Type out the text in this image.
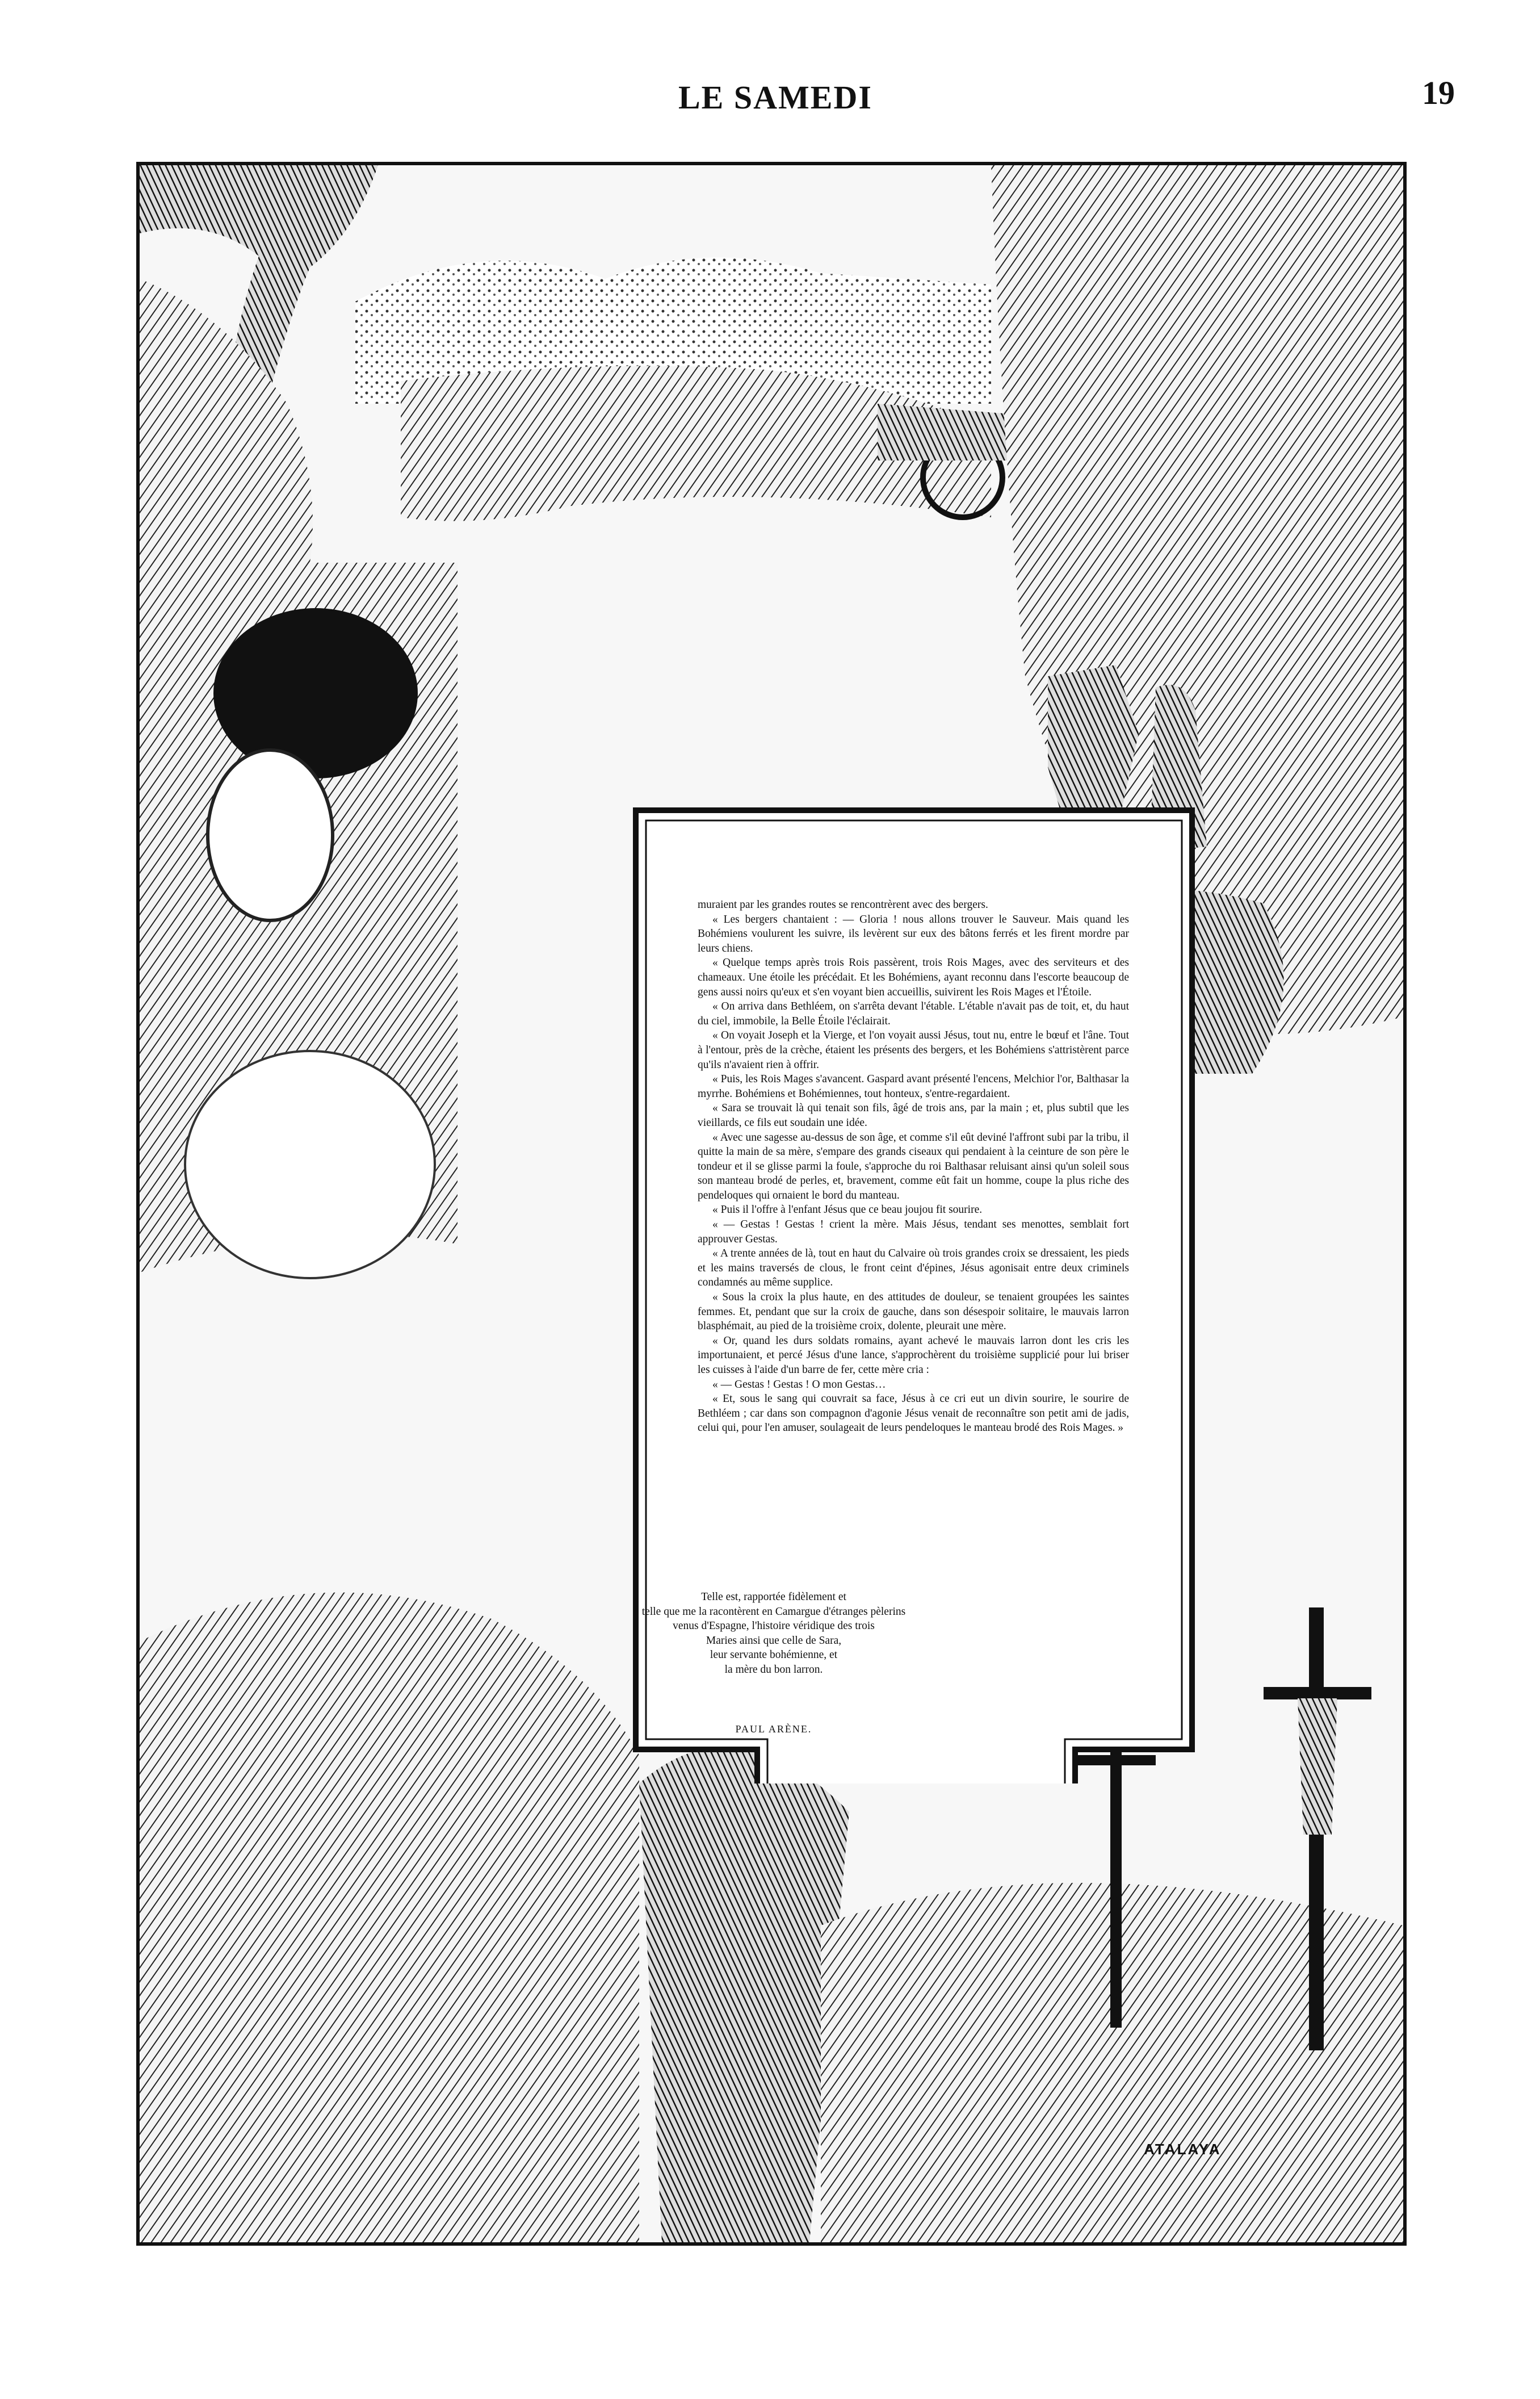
LE SAMEDI	19

muraient par les grandes routes se rencontrèrent avec des bergers.

« Les bergers chantaient : — Gloria ! nous allons trouver le Sauveur. Mais quand les Bohémiens voulurent les suivre, ils levèrent sur eux des bâtons ferrés et les firent mordre par leurs chiens.

« Quelque temps après trois Rois passèrent, trois Rois Mages, avec des serviteurs et des chameaux. Une étoile les précédait. Et les Bohémiens, ayant reconnu dans l'escorte beaucoup de gens aussi noirs qu'eux et s'en voyant bien accueillis, suivirent les Rois Mages et l'Étoile.

« On arriva dans Bethléem, on s'arrêta devant l'étable. L'étable n'avait pas de toit, et, du haut du ciel, immobile, la Belle Étoile l'éclairait.

« On voyait Joseph et la Vierge, et l'on voyait aussi Jésus, tout nu, entre le bœuf et l'âne. Tout à l'entour, près de la crèche, étaient les présents des bergers, et les Bohémiens s'attristèrent parce qu'ils n'avaient rien à offrir.

« Puis, les Rois Mages s'avancent. Gaspard avant présenté l'encens, Melchior l'or, Balthasar la myrrhe. Bohémiens et Bohémiennes, tout honteux, s'entre-regardaient.

« Sara se trouvait là qui tenait son fils, âgé de trois ans, par la main ; et, plus subtil que les vieillards, ce fils eut soudain une idée.

« Avec une sagesse au-dessus de son âge, et comme s'il eût deviné l'affront subi par la tribu, il quitte la main de sa mère, s'empare des grands ciseaux qui pendaient à la ceinture de son père le tondeur et il se glisse parmi la foule, s'approche du roi Balthasar reluisant ainsi qu'un soleil sous son manteau brodé de perles, et, bravement, comme eût fait un homme, coupe la plus riche des pendeloques qui ornaient le bord du manteau.

« Puis il l'offre à l'enfant Jésus que ce beau joujou fit sourire.

« — Gestas ! Gestas ! crient la mère. Mais Jésus, tendant ses menottes, semblait fort approuver Gestas.

« A trente années de là, tout en haut du Calvaire où trois grandes croix se dressaient, les pieds et les mains traversés de clous, le front ceint d'épines, Jésus agonisait entre deux criminels condamnés au même supplice.

« Sous la croix la plus haute, en des attitudes de douleur, se tenaient groupées les saintes femmes. Et, pendant que sur la croix de gauche, dans son désespoir solitaire, le mauvais larron blasphémait, au pied de la troisième croix, dolente, pleurait une mère.

« Or, quand les durs soldats romains, ayant achevé le mauvais larron dont les cris les importunaient, et percé Jésus d'une lance, s'approchèrent du troisième supplicié pour lui briser les cuisses à l'aide d'un barre de fer, cette mère cria :

« — Gestas ! Gestas ! O mon Gestas…

« Et, sous le sang qui couvrait sa face, Jésus à ce cri eut un divin sourire, le sourire de Bethléem ; car dans son compagnon d'agonie Jésus venait de reconnaître son petit ami de jadis, celui qui, pour l'en amuser, soulageait de leurs pendeloques le manteau brodé des Rois Mages. »

Telle est, rapportée fidèlement et

telle que me la racontèrent en Camargue d'étranges pèlerins venus d'Espagne, l'histoire véridique des trois

Maries ainsi que celle de Sara,

leur servante bohémienne, et

la mère du bon larron.

PAUL ARÈNE.
ATALAYA
